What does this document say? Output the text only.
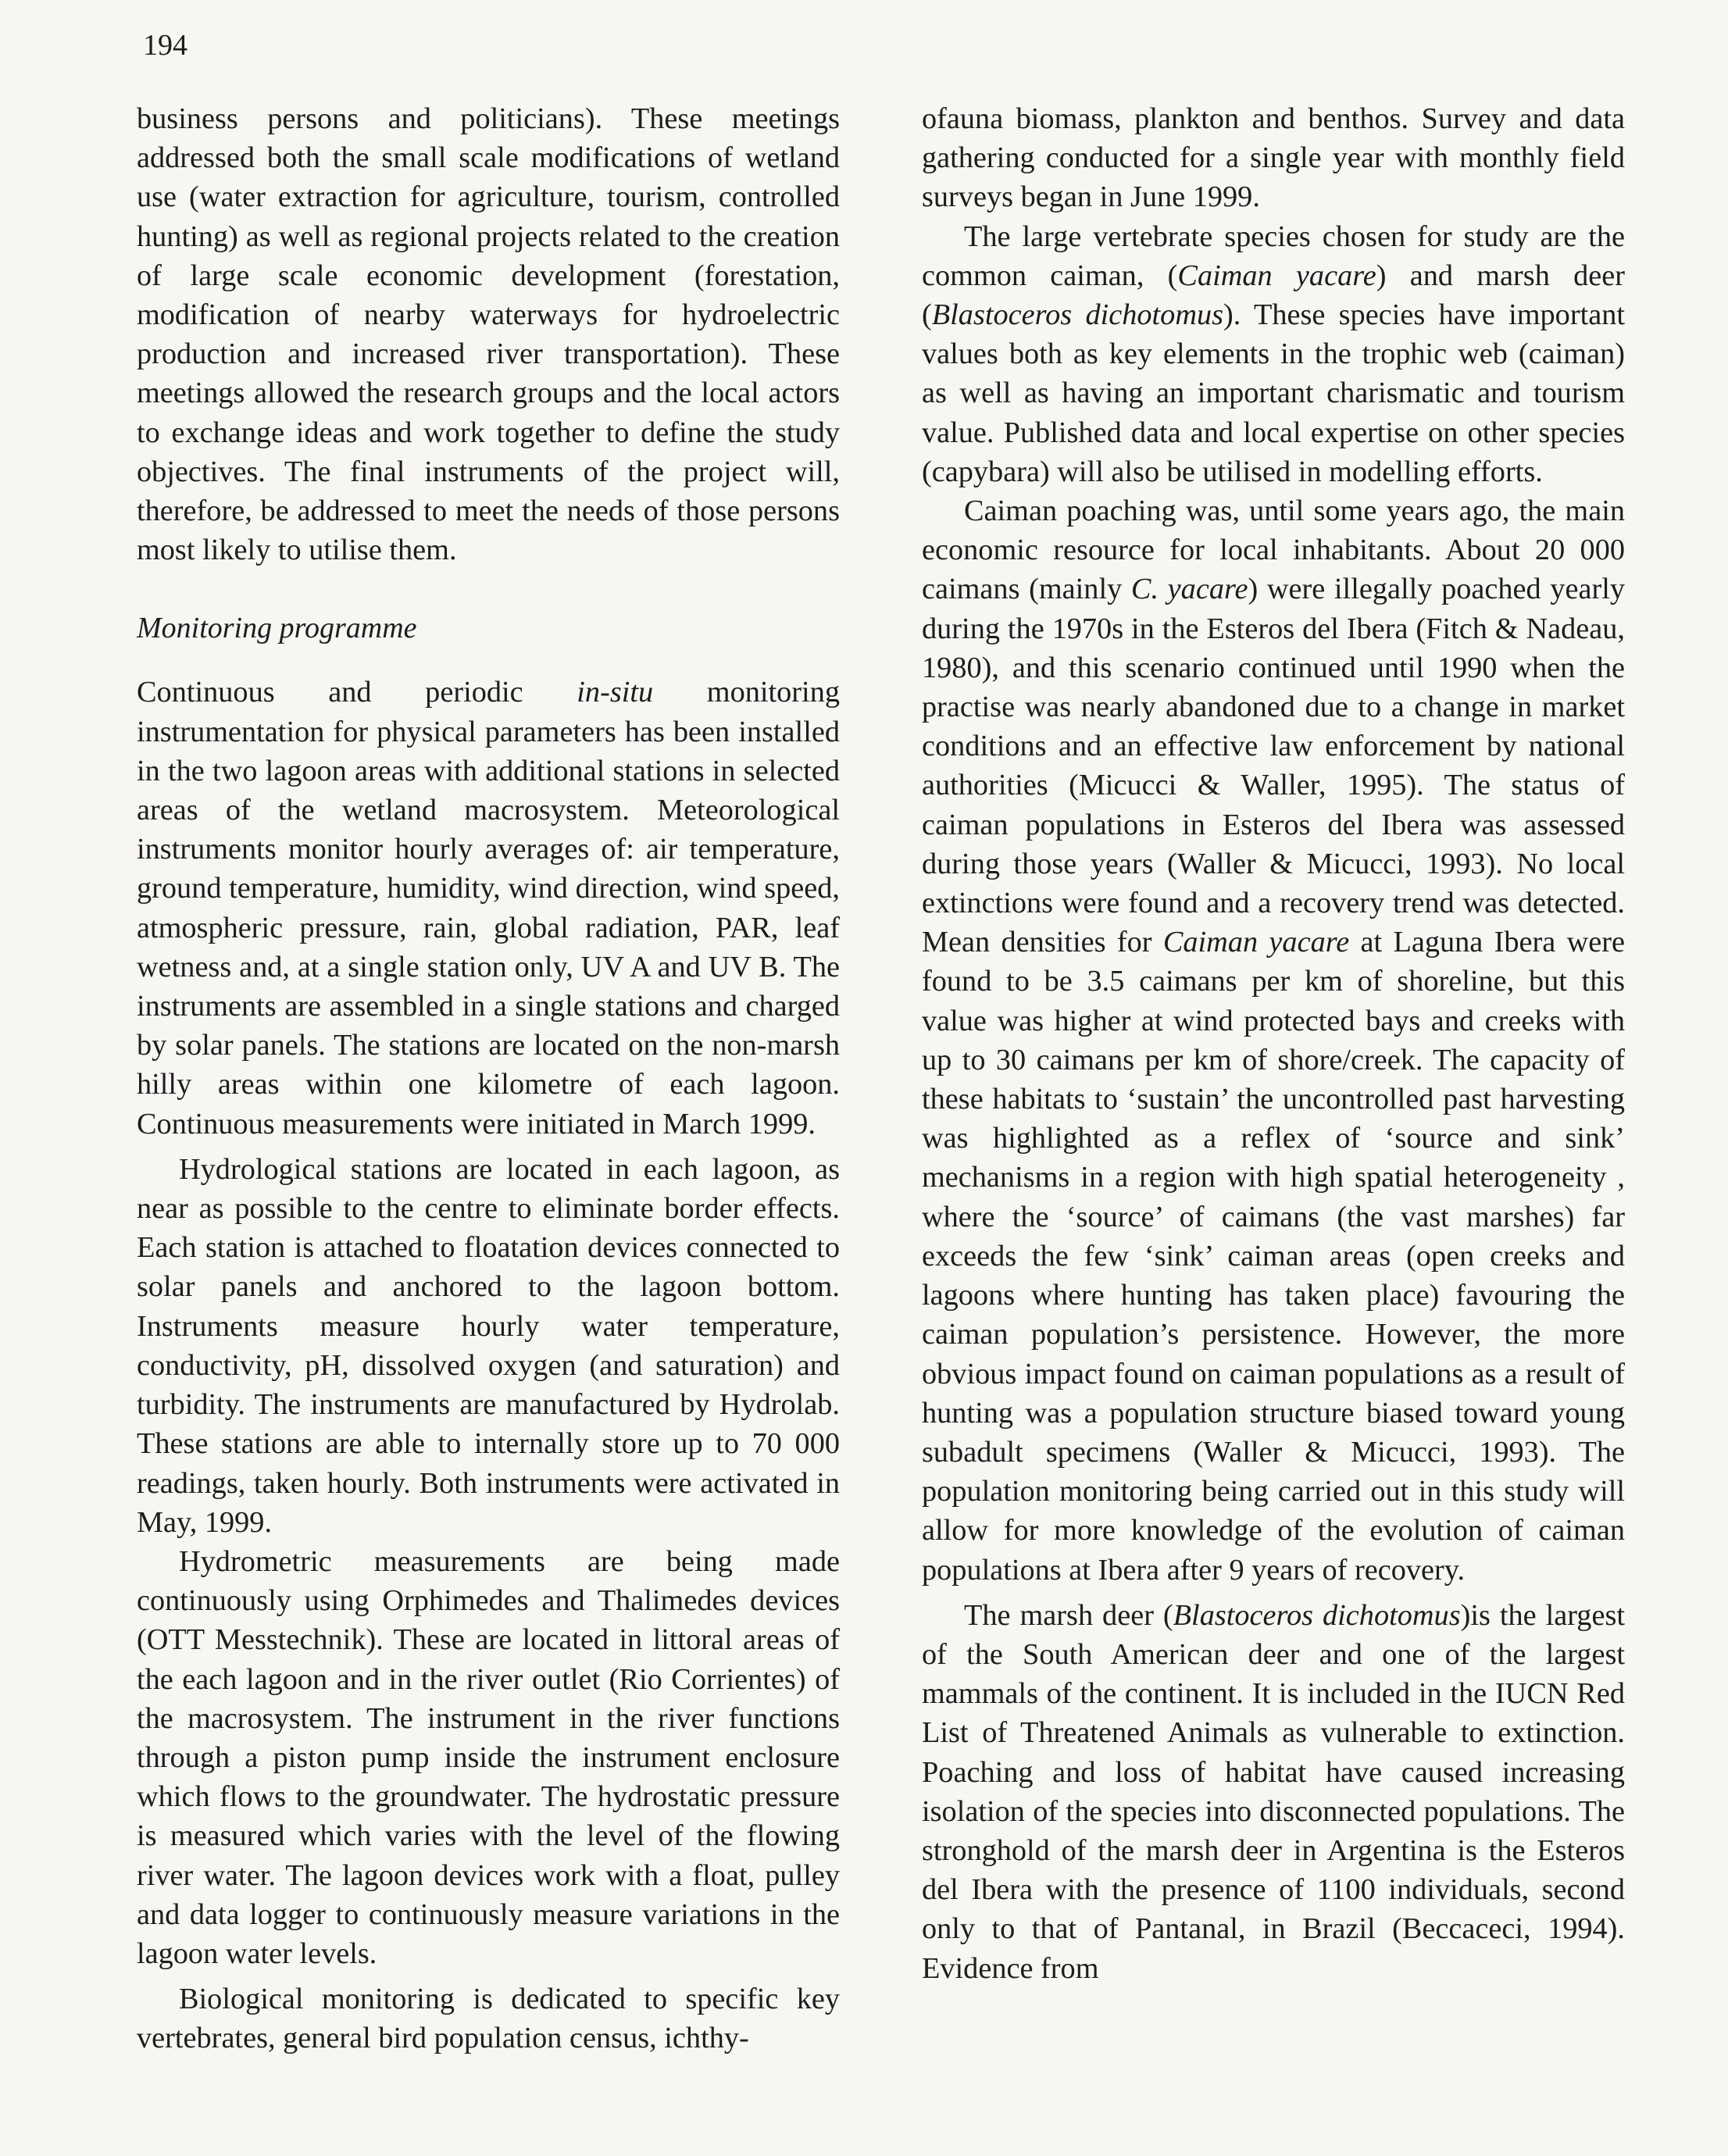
194

business persons and politicians). These meetings addressed both the small scale modifications of wetland use (water extraction for agriculture, tourism, controlled hunting) as well as regional projects related to the creation of large scale economic development (forestation, modification of nearby waterways for hydroelectric production and increased river transportation). These meetings allowed the research groups and the local actors to exchange ideas and work together to define the study objectives. The final instruments of the project will, therefore, be addressed to meet the needs of those persons most likely to utilise them.

Monitoring programme

Continuous and periodic in-situ monitoring instrumentation for physical parameters has been installed in the two lagoon areas with additional stations in selected areas of the wetland macrosystem. Meteorological instruments monitor hourly averages of: air temperature, ground temperature, humidity, wind direction, wind speed, atmospheric pressure, rain, global radiation, PAR, leaf wetness and, at a single station only, UV A and UV B. The instruments are assembled in a single stations and charged by solar panels. The stations are located on the non-marsh hilly areas within one kilometre of each lagoon. Continuous measurements were initiated in March 1999.

Hydrological stations are located in each lagoon, as near as possible to the centre to eliminate border effects. Each station is attached to floatation devices connected to solar panels and anchored to the lagoon bottom. Instruments measure hourly water temperature, conductivity, pH, dissolved oxygen (and saturation) and turbidity. The instruments are manufactured by Hydrolab. These stations are able to internally store up to 70 000 readings, taken hourly. Both instruments were activated in May, 1999.

Hydrometric measurements are being made continuously using Orphimedes and Thalimedes devices (OTT Messtechnik). These are located in littoral areas of the each lagoon and in the river outlet (Rio Corrientes) of the macrosystem. The instrument in the river functions through a piston pump inside the instrument enclosure which flows to the groundwater. The hydrostatic pressure is measured which varies with the level of the flowing river water. The lagoon devices work with a float, pulley and data logger to continuously measure variations in the lagoon water levels.

Biological monitoring is dedicated to specific key vertebrates, general bird population census, ichthy-

ofauna biomass, plankton and benthos. Survey and data gathering conducted for a single year with monthly field surveys began in June 1999.

The large vertebrate species chosen for study are the common caiman, (Caiman yacare) and marsh deer (Blastoceros dichotomus). These species have important values both as key elements in the trophic web (caiman) as well as having an important charismatic and tourism value. Published data and local expertise on other species (capybara) will also be utilised in modelling efforts.

Caiman poaching was, until some years ago, the main economic resource for local inhabitants. About 20 000 caimans (mainly C. yacare) were illegally poached yearly during the 1970s in the Esteros del Ibera (Fitch & Nadeau, 1980), and this scenario continued until 1990 when the practise was nearly abandoned due to a change in market conditions and an effective law enforcement by national authorities (Micucci & Waller, 1995). The status of caiman populations in Esteros del Ibera was assessed during those years (Waller & Micucci, 1993). No local extinctions were found and a recovery trend was detected. Mean densities for Caiman yacare at Laguna Ibera were found to be 3.5 caimans per km of shoreline, but this value was higher at wind protected bays and creeks with up to 30 caimans per km of shore/creek. The capacity of these habitats to ‘sustain’ the uncontrolled past harvesting was highlighted as a reflex of ‘source and sink’ mechanisms in a region with high spatial heterogeneity , where the ‘source’ of caimans (the vast marshes) far exceeds the few ‘sink’ caiman areas (open creeks and lagoons where hunting has taken place) favouring the caiman population’s persistence. However, the more obvious impact found on caiman populations as a result of hunting was a population structure biased toward young subadult specimens (Waller & Micucci, 1993). The population monitoring being carried out in this study will allow for more knowledge of the evolution of caiman populations at Ibera after 9 years of recovery.

The marsh deer (Blastoceros dichotomus)is the largest of the South American deer and one of the largest mammals of the continent. It is included in the IUCN Red List of Threatened Animals as vulnerable to extinction. Poaching and loss of habitat have caused increasing isolation of the species into disconnected populations. The stronghold of the marsh deer in Argentina is the Esteros del Ibera with the presence of 1100 individuals, second only to that of Pantanal, in Brazil (Beccaceci, 1994). Evidence from
